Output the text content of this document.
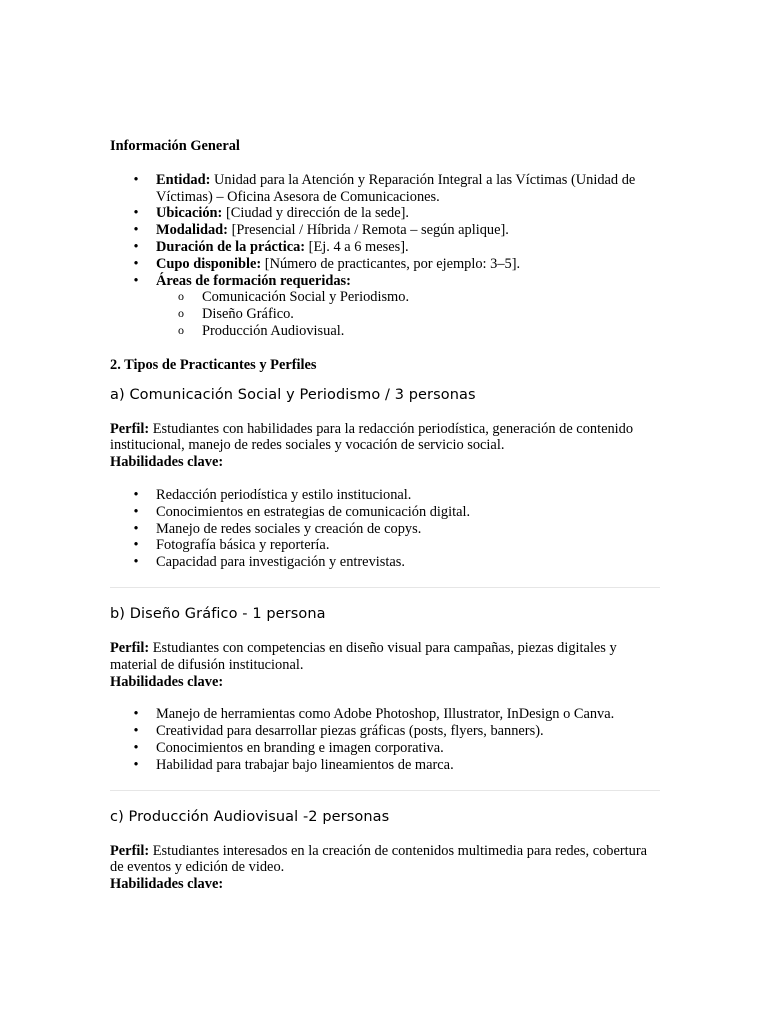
Información General

• Entidad: Unidad para la Atención y Reparación Integral a las Víctimas (Unidad de Víctimas) – Oficina Asesora de Comunicaciones.
• Ubicación: [Ciudad y dirección de la sede].
• Modalidad: [Presencial / Híbrida / Remota – según aplique].
• Duración de la práctica: [Ej. 4 a 6 meses].
• Cupo disponible: [Número de practicantes, por ejemplo: 3–5].
• Áreas de formación requeridas:
o Comunicación Social y Periodismo.
o Diseño Gráfico.
o Producción Audiovisual.

2. Tipos de Practicantes y Perfiles

a) Comunicación Social y Periodismo / 3 personas

Perfil: Estudiantes con habilidades para la redacción periodística, generación de contenido institucional, manejo de redes sociales y vocación de servicio social.

Habilidades clave:

• Redacción periodística y estilo institucional.
• Conocimientos en estrategias de comunicación digital.
• Manejo de redes sociales y creación de copys.
• Fotografía básica y reportería.
• Capacidad para investigación y entrevistas.
b) Diseño Gráfico - 1 persona

Perfil: Estudiantes con competencias en diseño visual para campañas, piezas digitales y material de difusión institucional.

Habilidades clave:

• Manejo de herramientas como Adobe Photoshop, Illustrator, InDesign o Canva.
• Creatividad para desarrollar piezas gráficas (posts, flyers, banners).
• Conocimientos en branding e imagen corporativa.
• Habilidad para trabajar bajo lineamientos de marca.
c) Producción Audiovisual -2 personas

Perfil: Estudiantes interesados en la creación de contenidos multimedia para redes, cobertura de eventos y edición de video.

Habilidades clave:
